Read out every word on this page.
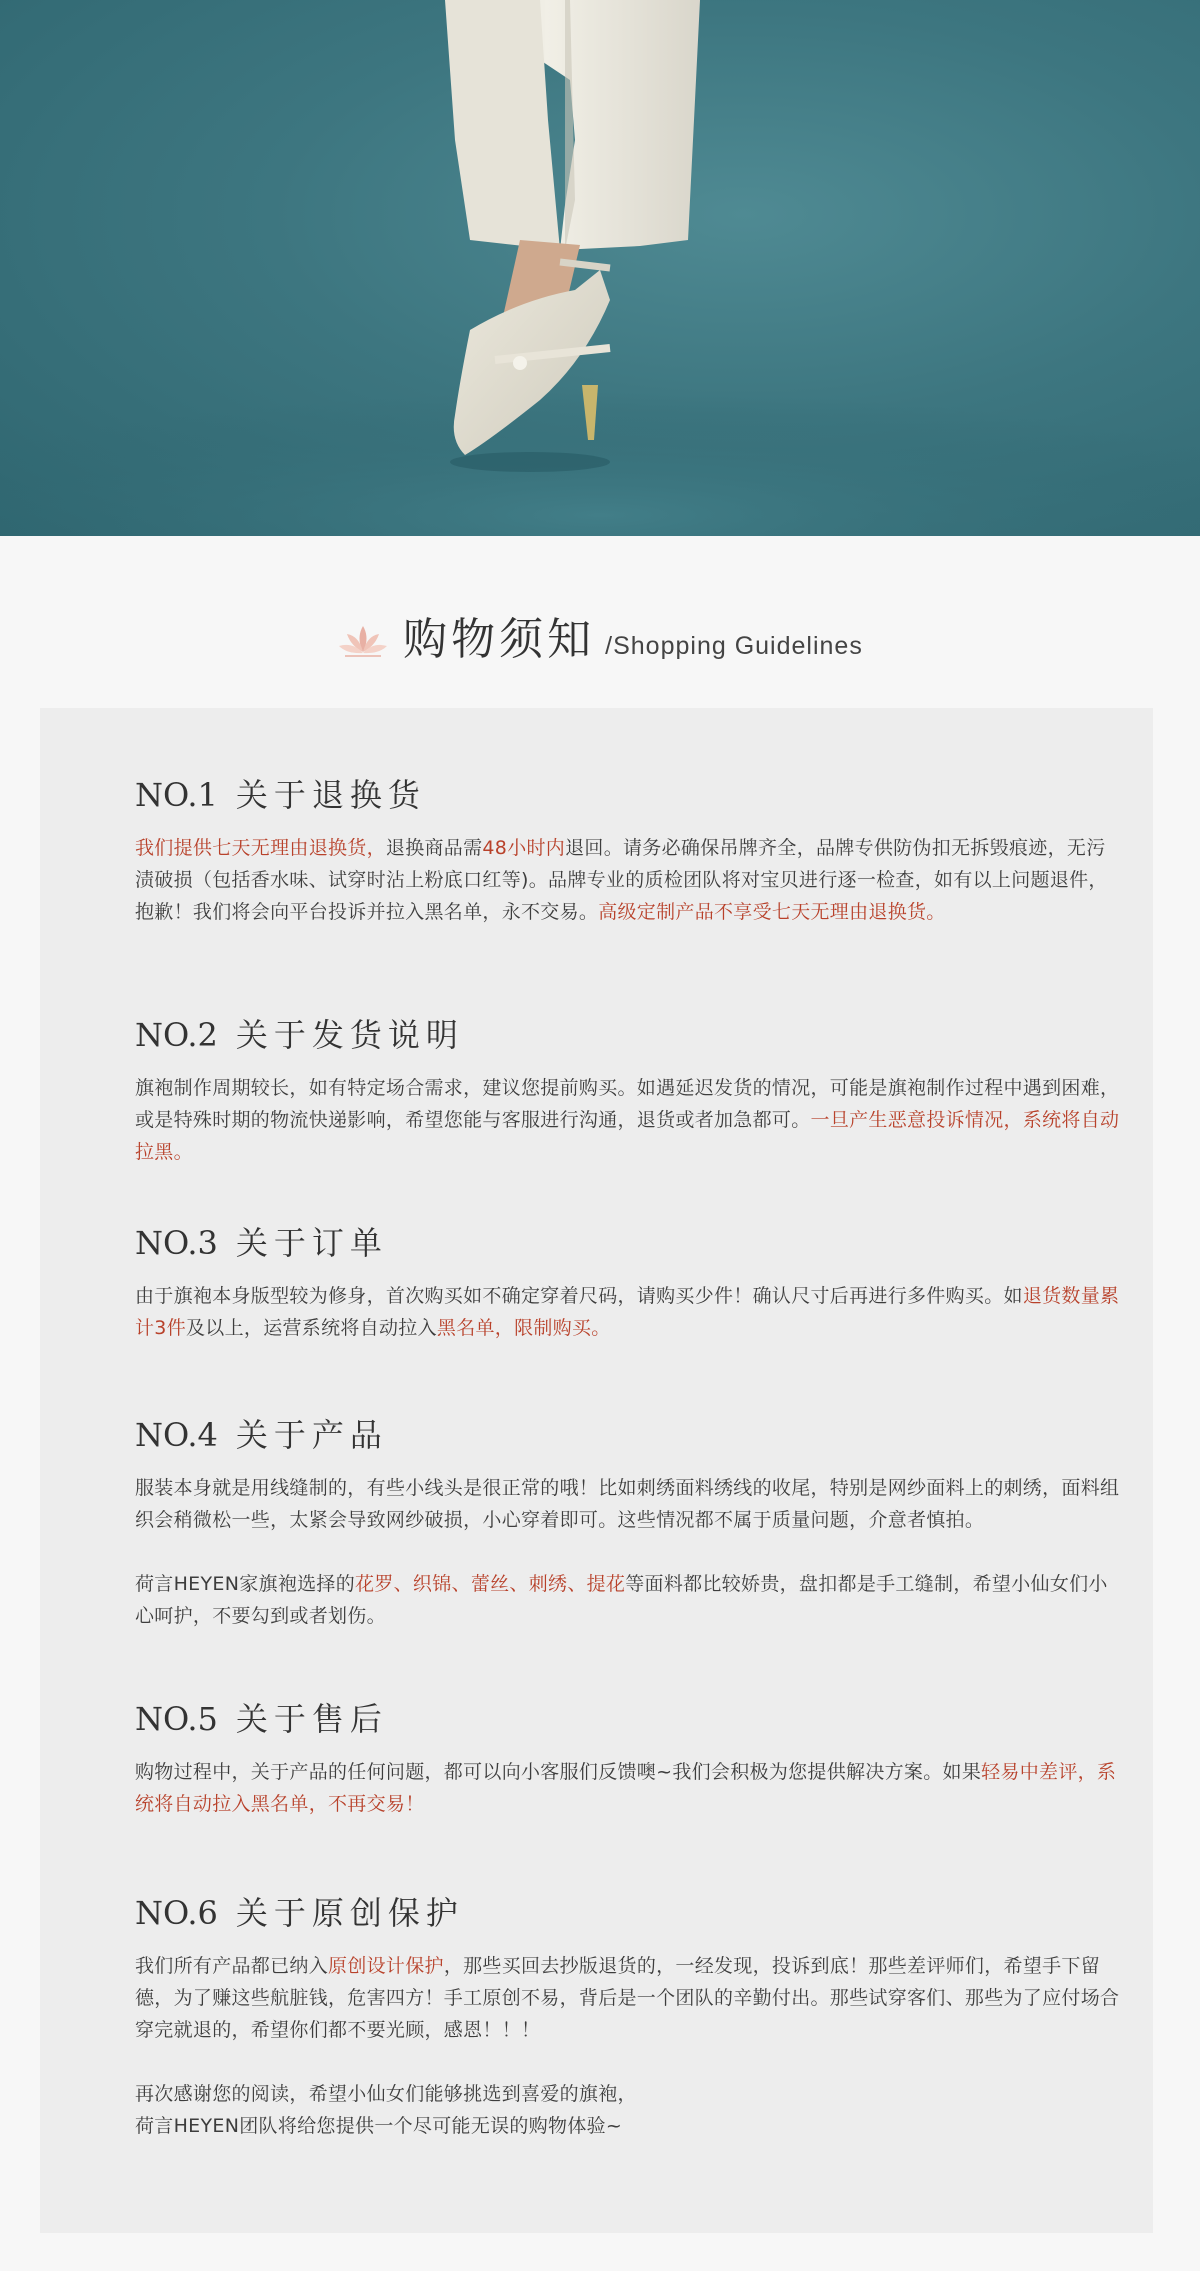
购物须知 /Shopping Guidelines
NO.1 关于退换货
我们提供七天无理由退换货，退换商品需48小时内退回。请务必确保吊牌齐全，品牌专供防伪扣无拆毁痕迹，无污渍破损（包括香水味、试穿时沾上粉底口红等)。品牌专业的质检团队将对宝贝进行逐一检查，如有以上问题退件，抱歉！我们将会向平台投诉并拉入黑名单，永不交易。高级定制产品不享受七天无理由退换货。
NO.2 关于发货说明
旗袍制作周期较长，如有特定场合需求，建议您提前购买。如遇延迟发货的情况，可能是旗袍制作过程中遇到困难，或是特殊时期的物流快递影响，希望您能与客服进行沟通，退货或者加急都可。一旦产生恶意投诉情况，系统将自动拉黑。
NO.3 关于订单
由于旗袍本身版型较为修身，首次购买如不确定穿着尺码，请购买少件！确认尺寸后再进行多件购买。如退货数量累计3件及以上，运营系统将自动拉入黑名单，限制购买。
NO.4 关于产品
服装本身就是用线缝制的，有些小线头是很正常的哦！比如刺绣面料绣线的收尾，特别是网纱面料上的刺绣，面料组织会稍微松一些，太紧会导致网纱破损，小心穿着即可。这些情况都不属于质量问题，介意者慎拍。
荷言HEYEN家旗袍选择的花罗、织锦、蕾丝、刺绣、提花等面料都比较娇贵，盘扣都是手工缝制，希望小仙女们小心呵护，不要勾到或者划伤。
NO.5 关于售后
购物过程中，关于产品的任何问题，都可以向小客服们反馈噢~我们会积极为您提供解决方案。如果轻易中差评，系统将自动拉入黑名单，不再交易！
NO.6 关于原创保护
我们所有产品都已纳入原创设计保护，那些买回去抄版退货的，一经发现，投诉到底！那些差评师们，希望手下留德，为了赚这些航脏钱，危害四方！手工原创不易，背后是一个团队的辛勤付出。那些试穿客们、那些为了应付场合穿完就退的，希望你们都不要光顾，感恩！！！
再次感谢您的阅读，希望小仙女们能够挑选到喜爱的旗袍，
荷言HEYEN团队将给您提供一个尽可能无误的购物体验~
